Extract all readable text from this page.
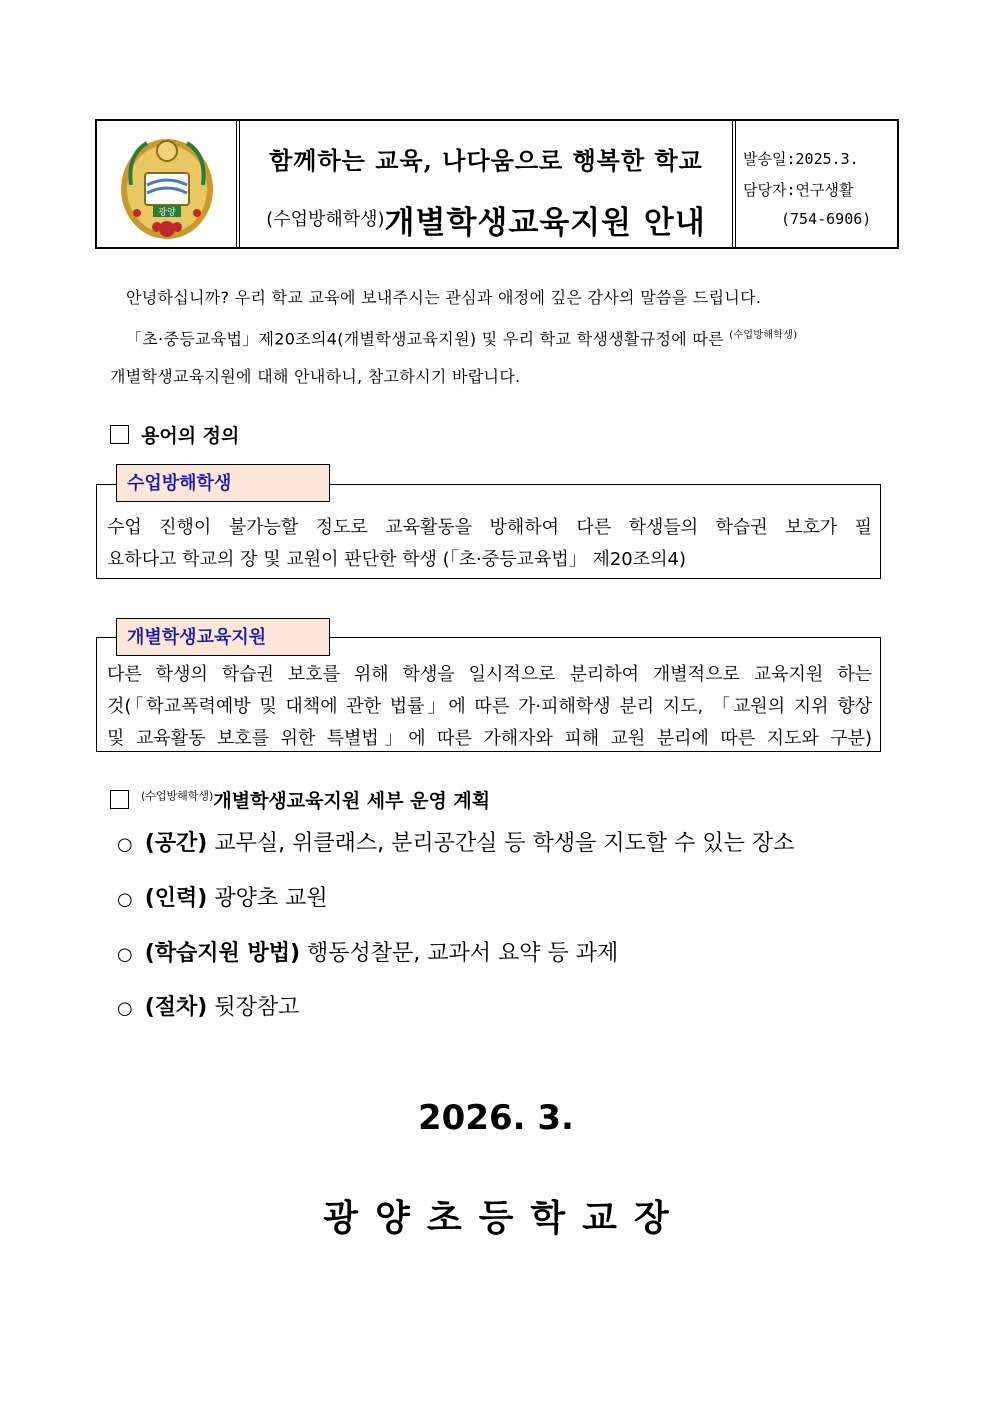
광양
함께하는 교육, 나다움으로 행복한 학교
(수업방해학생)개별학생교육지원 안내
발송일:2025.3.
담당자:연구생활
(754-6906)
안녕하십니까? 우리 학교 교육에 보내주시는 관심과 애정에 깊은 감사의 말씀을 드립니다.
「초·중등교육법」제20조의4(개별학생교육지원) 및 우리 학교 학생생활규정에 따른 $^{(수업방해학생)}$
개별학생교육지원에 대해 안내하니, 참고하시기 바랍니다.
용어의 정의
수업 진행이 불가능할 정도로 교육활동을 방해하여 다른 학생들의 학습권 보호가 필
요하다고 학교의 장 및 교원이 판단한 학생 (「초·중등교육법」 제20조의4)
수업방해학생
다른 학생의 학습권 보호를 위해 학생을 일시적으로 분리하여 개별적으로 교육지원 하는
것(「학교폭력예방 및 대책에 관한 법률」에 따른 가·피해학생 분리 지도, 「교원의 지위 향상
및 교육활동 보호를 위한 특별법」에 따른 가해자와 피해 교원 분리에 따른 지도와 구분)
개별학생교육지원
$^{(수업방해학생)}$개별학생교육지원 세부 운영 계획
○ (공간) 교무실, 위클래스, 분리공간실 등 학생을 지도할 수 있는 장소
○ (인력) 광양초 교원
○ (학습지원 방법) 행동성찰문, 교과서 요약 등 과제
○ (절차) 뒷장참고
2026. 3.
광양초등학교장
